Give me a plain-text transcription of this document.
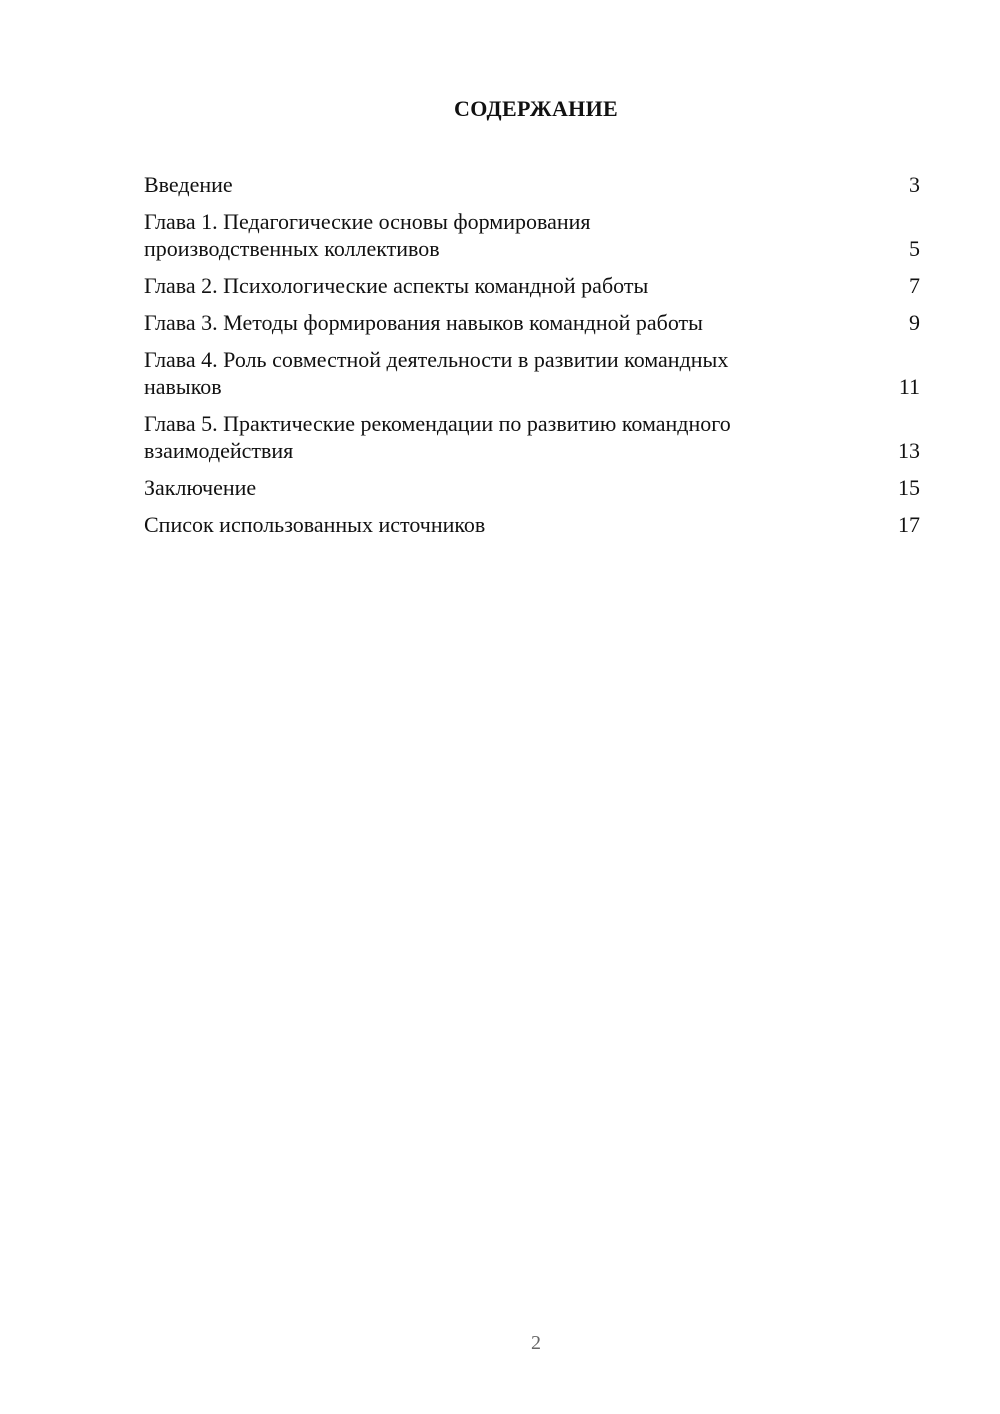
СОДЕРЖАНИЕ
Введение	3
Глава 1. Педагогические основы формирования
производственных коллективов	5
Глава 2. Психологические аспекты командной работы	7
Глава 3. Методы формирования навыков командной работы	9
Глава 4. Роль совместной деятельности в развитии командных
навыков	11
Глава 5. Практические рекомендации по развитию командного
взаимодействия	13
Заключение	15
Список использованных источников	17
2
